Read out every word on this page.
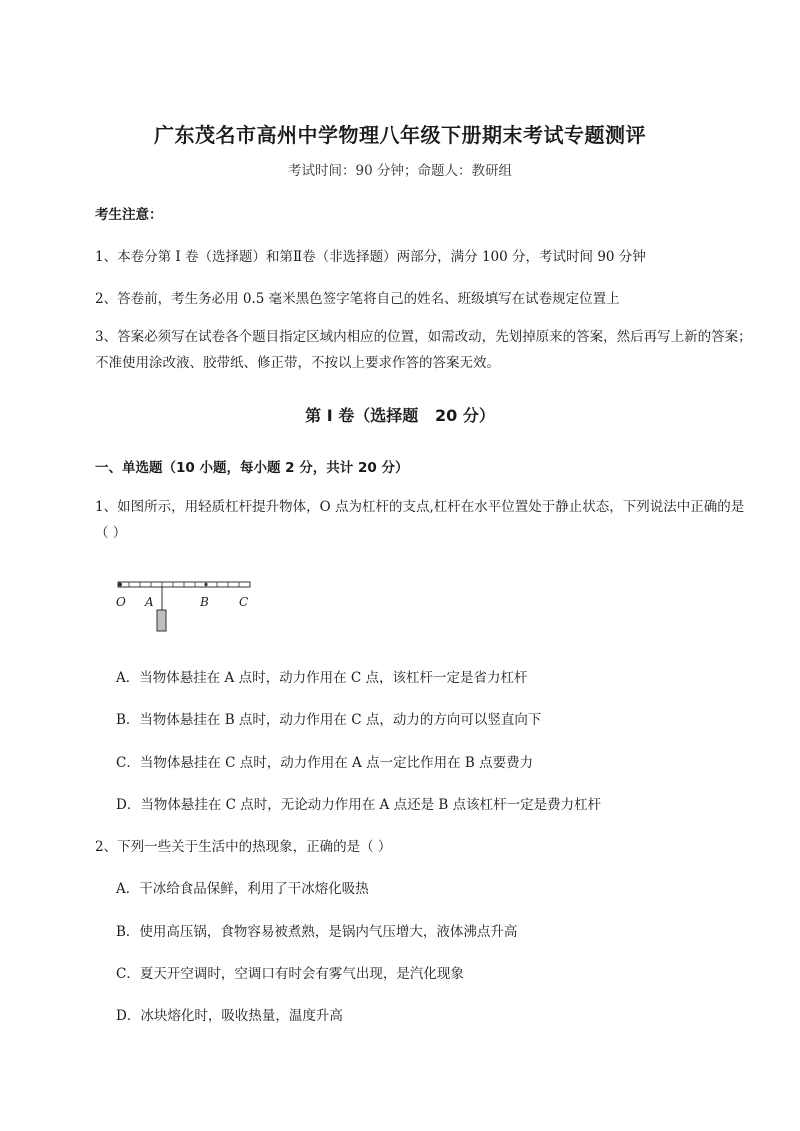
广东茂名市高州中学物理八年级下册期末考试专题测评
考试时间：90 分钟；命题人：教研组
考生注意：
1、本卷分第 I 卷（选择题）和第Ⅱ卷（非选择题）两部分，满分 100 分，考试时间 90 分钟
2、答卷前，考生务必用 0.5 毫米黑色签字笔将自己的姓名、班级填写在试卷规定位置上
3、答案必须写在试卷各个题目指定区域内相应的位置，如需改动，先划掉原来的答案，然后再写上新的答案；不准使用涂改液、胶带纸、修正带，不按以上要求作答的答案无效。
第 I 卷（选择题   20 分）
一、单选题（10 小题，每小题 2 分，共计 20 分）
1、如图所示，用轻质杠杆提升物体，O 点为杠杆的支点,杠杆在水平位置处于静止状态，下列说法中正确的是（ ）
O A	B	C
A．当物体悬挂在 A 点时，动力作用在 C 点，该杠杆一定是省力杠杆
B．当物体悬挂在 B 点时，动力作用在 C 点，动力的方向可以竖直向下
C．当物体悬挂在 C 点时，动力作用在 A 点一定比作用在 B 点要费力
D．当物体悬挂在 C 点时，无论动力作用在 A 点还是 B 点该杠杆一定是费力杠杆
2、下列一些关于生活中的热现象，正确的是（ ）
A．干冰给食品保鲜，利用了干冰熔化吸热
B．使用高压锅，食物容易被煮熟，是锅内气压增大，液体沸点升高
C．夏天开空调时，空调口有时会有雾气出现，是汽化现象
D．冰块熔化时，吸收热量，温度升高
